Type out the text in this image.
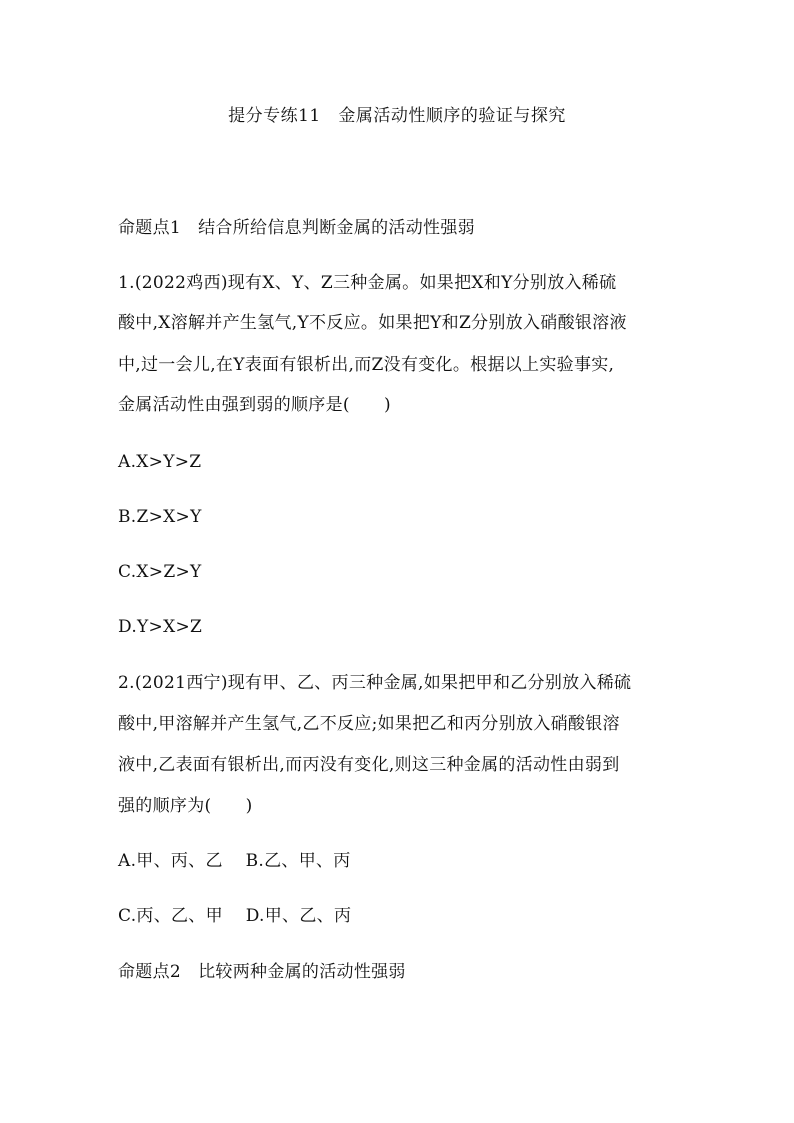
提分专练11   金属活动性顺序的验证与探究
命题点1   结合所给信息判断金属的活动性强弱
1.(2022鸡西)现有X、Y、Z三种金属。如果把X和Y分别放入稀硫
酸中,X溶解并产生氢气,Y不反应。如果把Y和Z分别放入硝酸银溶液
中,过一会儿,在Y表面有银析出,而Z没有变化。根据以上实验事实,
金属活动性由强到弱的顺序是(      )
A.X>Y>Z
B.Z>X>Y
C.X>Z>Y
D.Y>X>Z
2.(2021西宁)现有甲、乙、丙三种金属,如果把甲和乙分别放入稀硫
酸中,甲溶解并产生氢气,乙不反应;如果把乙和丙分别放入硝酸银溶
液中,乙表面有银析出,而丙没有变化,则这三种金属的活动性由弱到
强的顺序为(      )
A.甲、丙、乙    B.乙、甲、丙
C.丙、乙、甲    D.甲、乙、丙
命题点2   比较两种金属的活动性强弱
